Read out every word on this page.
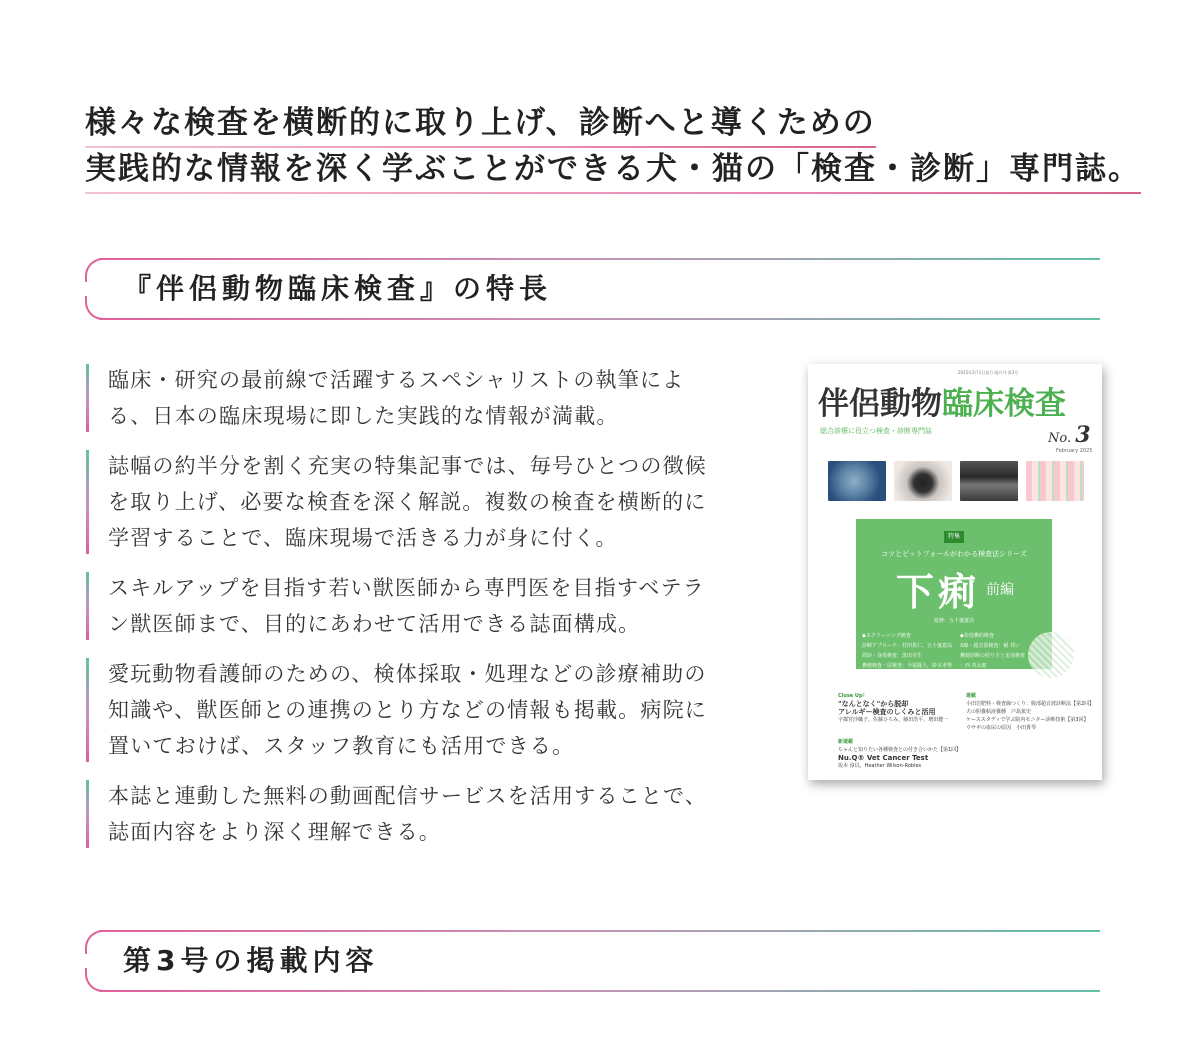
様々な検査を横断的に取り上げ、診断へと導くための
実践的な情報を深く学ぶことができる犬・猫の「検査・診断」専門誌。
『伴侶動物臨床検査』の特長
臨床・研究の最前線で活躍するスペシャリストの執筆による、日本の臨床現場に即した実践的な情報が満載。
誌幅の約半分を割く充実の特集記事では、毎号ひとつの徴候を取り上げ、必要な検査を深く解説。複数の検査を横断的に学習することで、臨床現場で活きる力が身に付く。
スキルアップを目指す若い獣医師から専門医を目指すベテラン獣医師まで、目的にあわせて活用できる誌面構成。
愛玩動物看護師のための、検体採取・処理などの診療補助の知識や、獣医師との連携のとり方などの情報も掲載。病院に置いておけば、スタッフ教育にも活用できる。
本誌と連動した無料の動画配信サービスを活用することで、誌面内容をより深く理解できる。
2025年2月1日発行 隔月刊 第3号
伴侶動物臨床検査
総合診療に役立つ検査・診断専門誌	No. 3
February 2025
特集
コツとピットフォールがわかる検査法シリーズ
下痢 前編
監修：五十嵐寛高
◆スクリーニング検査
診断アプローチ：村田貴仁，五十嵐寛高
問診・身体検査：黒田幸生
糞便検査・尿検査：今福賢人，鈴木孝秀
血液検査：西 英太郎
◆非侵襲的検査
X線・超音波検査：稲 邦い
糞便診断の照り方と追加検査
：西 英太郎
Close Up！
"なんとなく"から脱却
アレルギー検査のしくみと活用
宇都宮沙織子，佐藤ひろみ，藤田浩平，増田健一
新連載
ちゃんと知りたい各種検査との付き合いかた【第1回】
Nu.Q® Vet Cancer Test
坂本 淳以，Heather Wilson-Robles
連載
小田岩肥料・検査線つくり：腹部超音波診断法【第2回】
犬の胆嚢粘液嚢腫　戸島篤史
ケーススタディで学ぶ院内モニター診断技術【第3回】
ウサギの血尿の原因　小田貴琴
第3号の掲載内容
